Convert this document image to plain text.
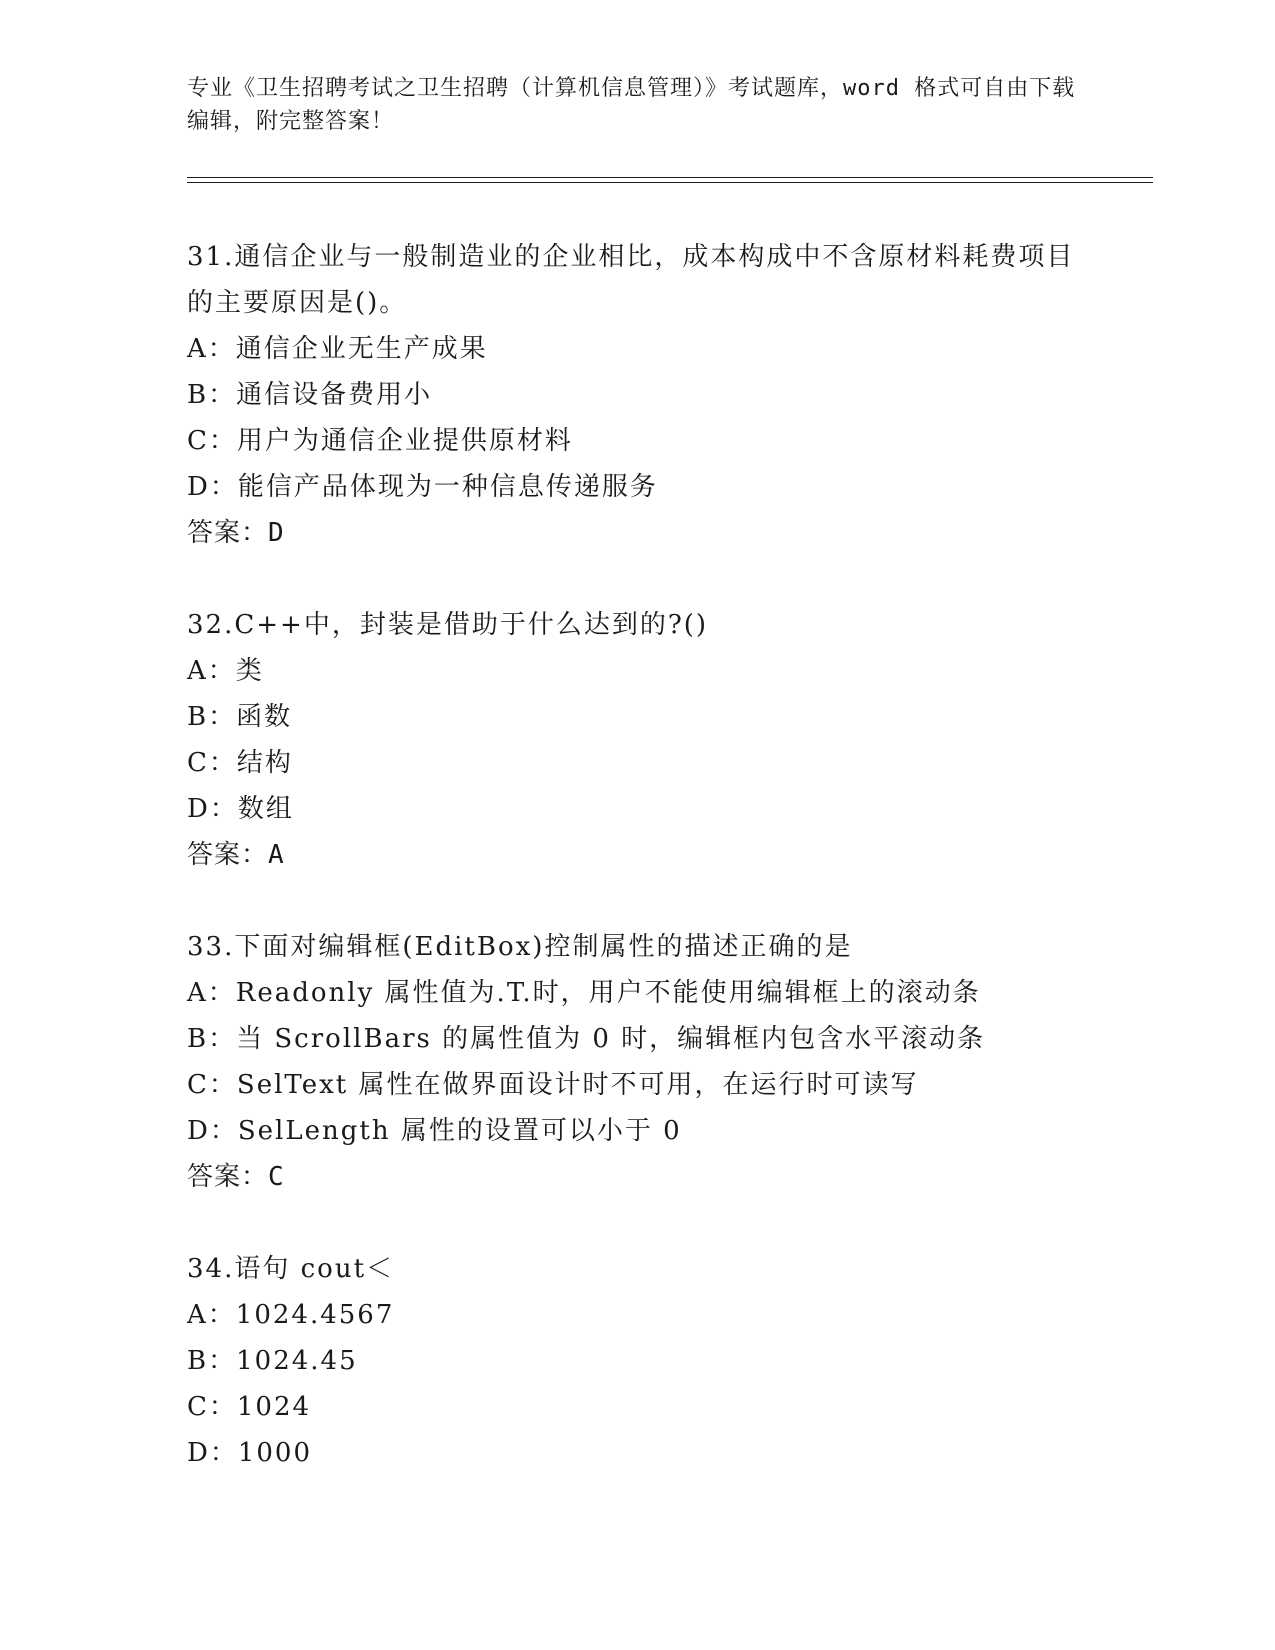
专业《卫生招聘考试之卫生招聘（计算机信息管理）》考试题库，word 格式可自由下载编辑，附完整答案！
31.通信企业与一般制造业的企业相比，成本构成中不含原材料耗费项目的主要原因是()。
A：通信企业无生产成果
B：通信设备费用小
C：用户为通信企业提供原材料
D：能信产品体现为一种信息传递服务
答案：D
32.C++中，封装是借助于什么达到的?()
A：类
B：函数
C：结构
D：数组
答案：A
33.下面对编辑框(EditBox)控制属性的描述正确的是
A：Readonly 属性值为.T.时，用户不能使用编辑框上的滚动条
B：当 ScrollBars 的属性值为 0 时，编辑框内包含水平滚动条
C：SelText 属性在做界面设计时不可用，在运行时可读写
D：SelLength 属性的设置可以小于 0
答案：C
34.语句 cout＜
A：1024.4567
B：1024.45
C：1024
D：1000
